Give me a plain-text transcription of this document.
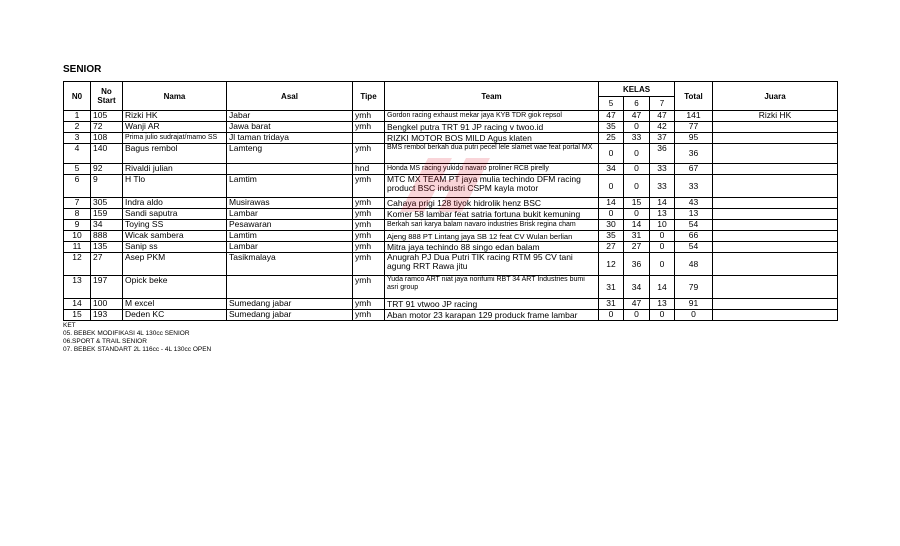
SENIOR
N0	No Start	Nama	Asal	Tipe	Team	KELAS			Total	Juara
						5	6	7		
1	105	Rizki HK	Jabar	ymh	Gordon racing exhaust mekar jaya KYB TDR giok repsol	47	47	47	141	Rizki HK
2	72	Wanji AR	Jawa barat	ymh	Bengkel putra TRT 91 JP racing v twoo.id	35	0	42	77	
3	108	Prima julio sudrajat/mamo SS	Jl taman tridaya		RIZKI MOTOR BOS MILD Agus klaten	25	33	37	95	
4	140	Bagus rembol	Lamteng	ymh	BMS rembol berkah dua putri pecel lele slamet wae feat portal MX	0	0	36	36	
5	92	Rivaldi julian		hnd	Honda MS racing yukido navaro proliner RCB pirelly	34	0	33	67	
6	9	H Tlo	Lamtim	ymh	MTC MX TEAM PT jaya mulia techindo DFM racing product BSC industri CSPM kayla motor	0	0	33	33	
7	305	Indra aldo	Musirawas	ymh	Cahaya prigi 128 tiyok hidrolik henz BSC	14	15	14	43	
8	159	Sandi saputra	Lambar	ymh	Komer 58 lambar feat satria fortuna bukit kemuning	0	0	13	13	
9	34	Toying SS	Pesawaran	ymh	Berkah sari karya balam navaro industries Brisk regina cham	30	14	10	54	
10	888	Wicak sambera	Lamtim	ymh	Ajeng 888 PT Lintang jaya SB 12 feat CV Wulan berlian	35	31	0	66	
11	135	Sanip ss	Lambar	ymh	Mitra jaya techindo 88 singo edan balam	27	27	0	54	
12	27	Asep PKM	Tasikmalaya	ymh	Anugrah PJ Dua Putri TIK racing RTM 95 CV tani agung RRT Rawa jitu	12	36	0	48	
13	197	Opick beke		ymh	Yuda ramco ART niat jaya norifumi RBT 34 ART Industries bumi asri group	31	34	14	79	
14	100	M excel	Sumedang jabar	ymh	TRT 91 vtwoo JP racing	31	47	13	91	
15	193	Deden KC	Sumedang jabar	ymh	Aban motor 23 karapan 129 produck frame lambar	0	0	0	0	
KET
05. BEBEK MODIFIKASI 4L 130cc SENIOR
06.SPORT & TRAIL SENIOR
07. BEBEK STANDART 2L 116cc - 4L 130cc OPEN
